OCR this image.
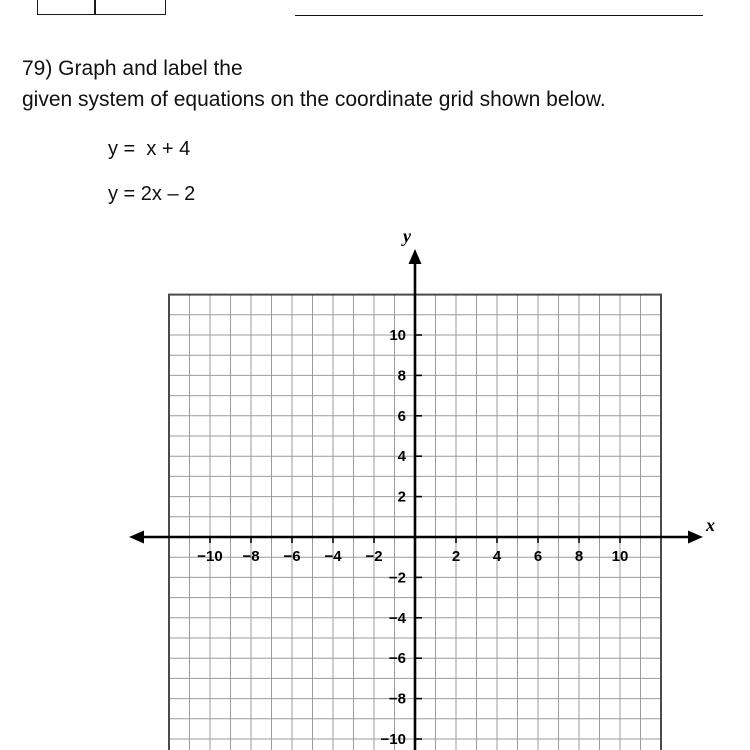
79) Graph and label the
given system of equations on the coordinate grid shown below.
y =  x + 4
y = 2x – 2
−10 −8 −6 −4 −2	2 4 6 8 10
10
8
6
4
2
−2
−4
−6
−8
−10
y
x
